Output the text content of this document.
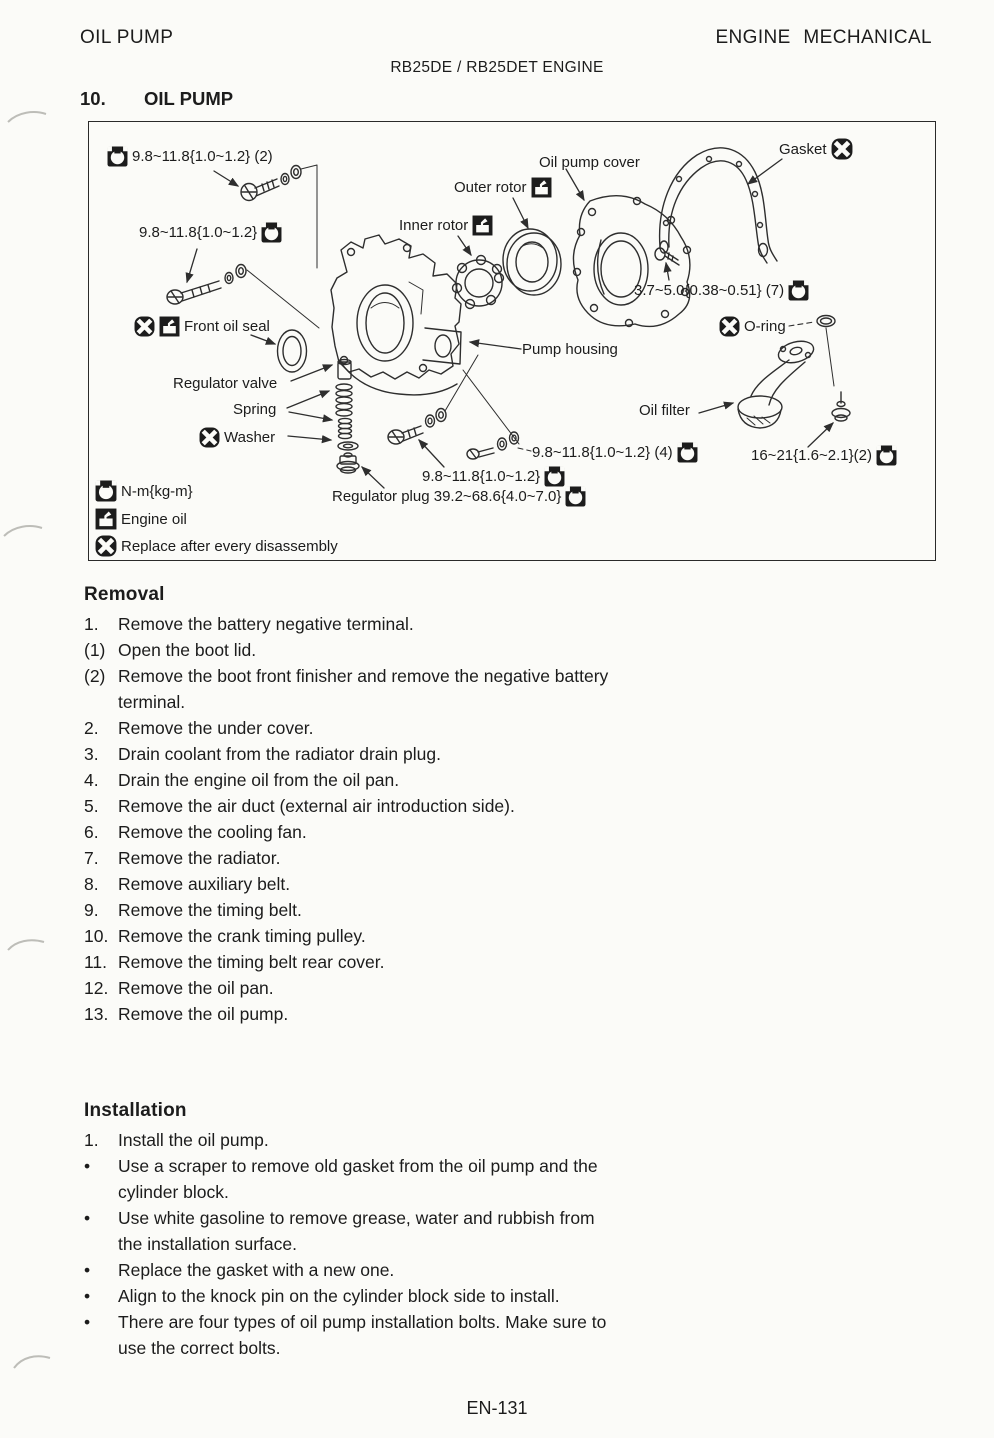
OIL PUMP	ENGINE MECHANICAL
RB25DE / RB25DET ENGINE
10. OIL PUMP
9.8~11.8{1.0~1.2} (2)
9.8~11.8{1.0~1.2}
Front oil seal
Regulator valve
Spring
Washer
Oil pump cover
Outer rotor
Inner rotor
Gasket
3.7~5.0{0.38~0.51} (7)
O-ring
Pump housing
Oil filter
9.8~11.8{1.0~1.2} (4)
9.8~11.8{1.0~1.2}
Regulator plug 39.2~68.6{4.0~7.0}
16~21{1.6~2.1}(2)
N-m{kg-m}
Engine oil
Replace after every disassembly
Removal
1.	Remove the battery negative terminal.
(1) Open the boot lid.
(2) Remove the boot front finisher and remove the negative battery terminal.
2.	Remove the under cover.
3.	Drain coolant from the radiator drain plug.
4.	Drain the engine oil from the oil pan.
5.	Remove the air duct (external air introduction side).
6.	Remove the cooling fan.
7.	Remove the radiator.
8.	Remove auxiliary belt.
9.	Remove the timing belt.
10. Remove the crank timing pulley.
11. Remove the timing belt rear cover.
12. Remove the oil pan.
13. Remove the oil pump.
Installation
1.	Install the oil pump.
•	Use a scraper to remove old gasket from the oil pump and the cylinder block.
•	Use white gasoline to remove grease, water and rubbish from the installation surface.
•	Replace the gasket with a new one.
•	Align to the knock pin on the cylinder block side to install.
•	There are four types of oil pump installation bolts. Make sure to use the correct bolts.
EN-131
